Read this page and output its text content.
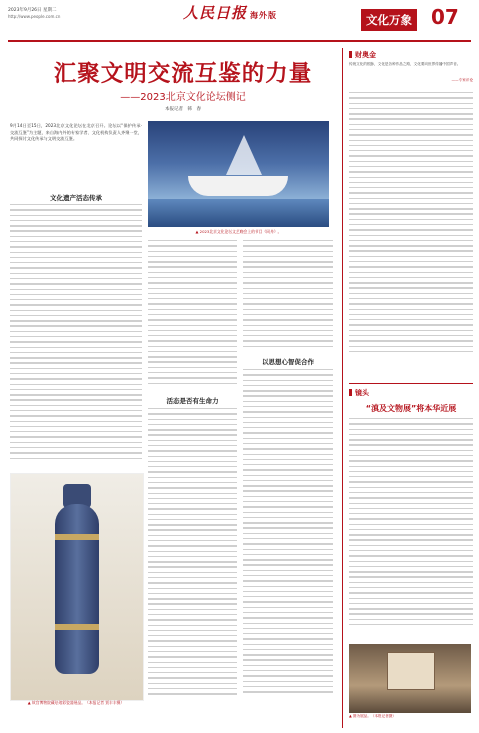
2023年9月26日 星期二
http://www.people.com.cn	人民日报 海外版	文化万象 07
汇聚文明交流互鉴的力量
——2023北京文化论坛侧记
本报记者　韩　春
▲ 2023北京文化论坛文艺晚会上的节目《同舟》。
9月14日至15日，2023北京文化论坛在北京召开。论坛以“保护传承·交流互鉴”为主题，来自海内外的专家学者、文化机构负责人齐聚一堂，共同探讨文化传承与文明交流互鉴。
文化遗产活态传承
▲ 故宫博物院藏珐琅彩瓷器展品。（本报记者 贾丰丰摄）
活态是否有生命力
以思想心智促合作
财奥金
传统文化的根脉，文化是各种作品之路，文化要向世界传播中国声音。
——专家评论
镜头
“滇及文物展”将本华近展
▲ 图为展品。（本报记者摄）
